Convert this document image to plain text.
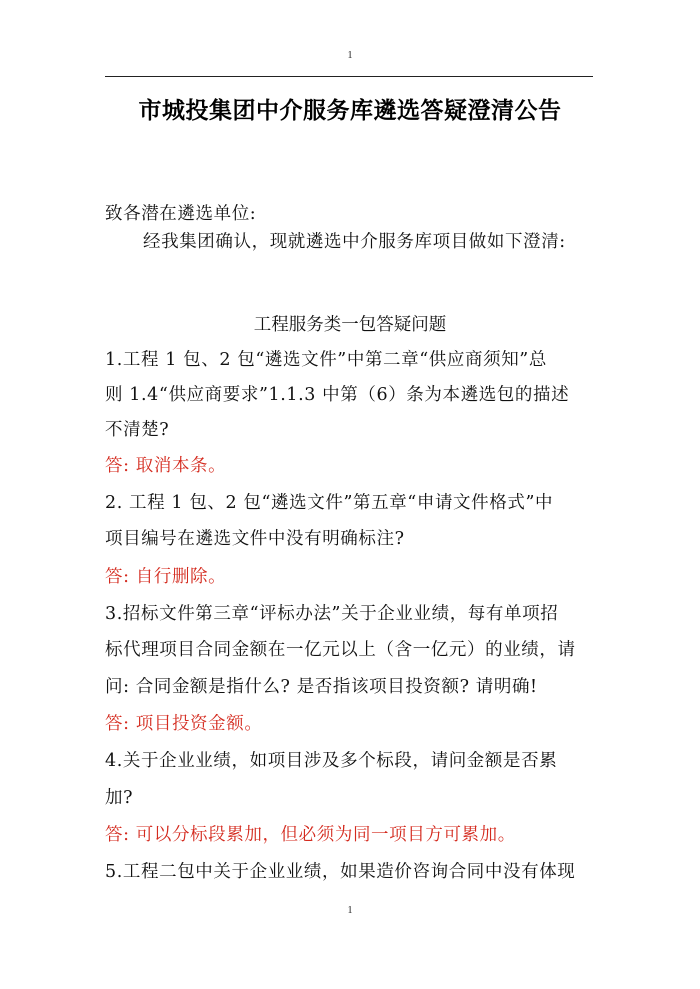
1
市城投集团中介服务库遴选答疑澄清公告
致各潜在遴选单位:
经我集团确认，现就遴选中介服务库项目做如下澄清:
工程服务类一包答疑问题
1.工程 1 包、2 包“遴选文件”中第二章“供应商须知”总
则 1.4“供应商要求”1.1.3 中第（6）条为本遴选包的描述
不清楚?
答: 取消本条。
2. 工程 1 包、2 包“遴选文件”第五章“申请文件格式”中
项目编号在遴选文件中没有明确标注?
答: 自行删除。
3.招标文件第三章“评标办法”关于企业业绩，每有单项招
标代理项目合同金额在一亿元以上（含一亿元）的业绩，请
问: 合同金额是指什么? 是否指该项目投资额? 请明确!
答: 项目投资金额。
4.关于企业业绩，如项目涉及多个标段，请问金额是否累
加?
答: 可以分标段累加，但必须为同一项目方可累加。
5.工程二包中关于企业业绩，如果造价咨询合同中没有体现
1
